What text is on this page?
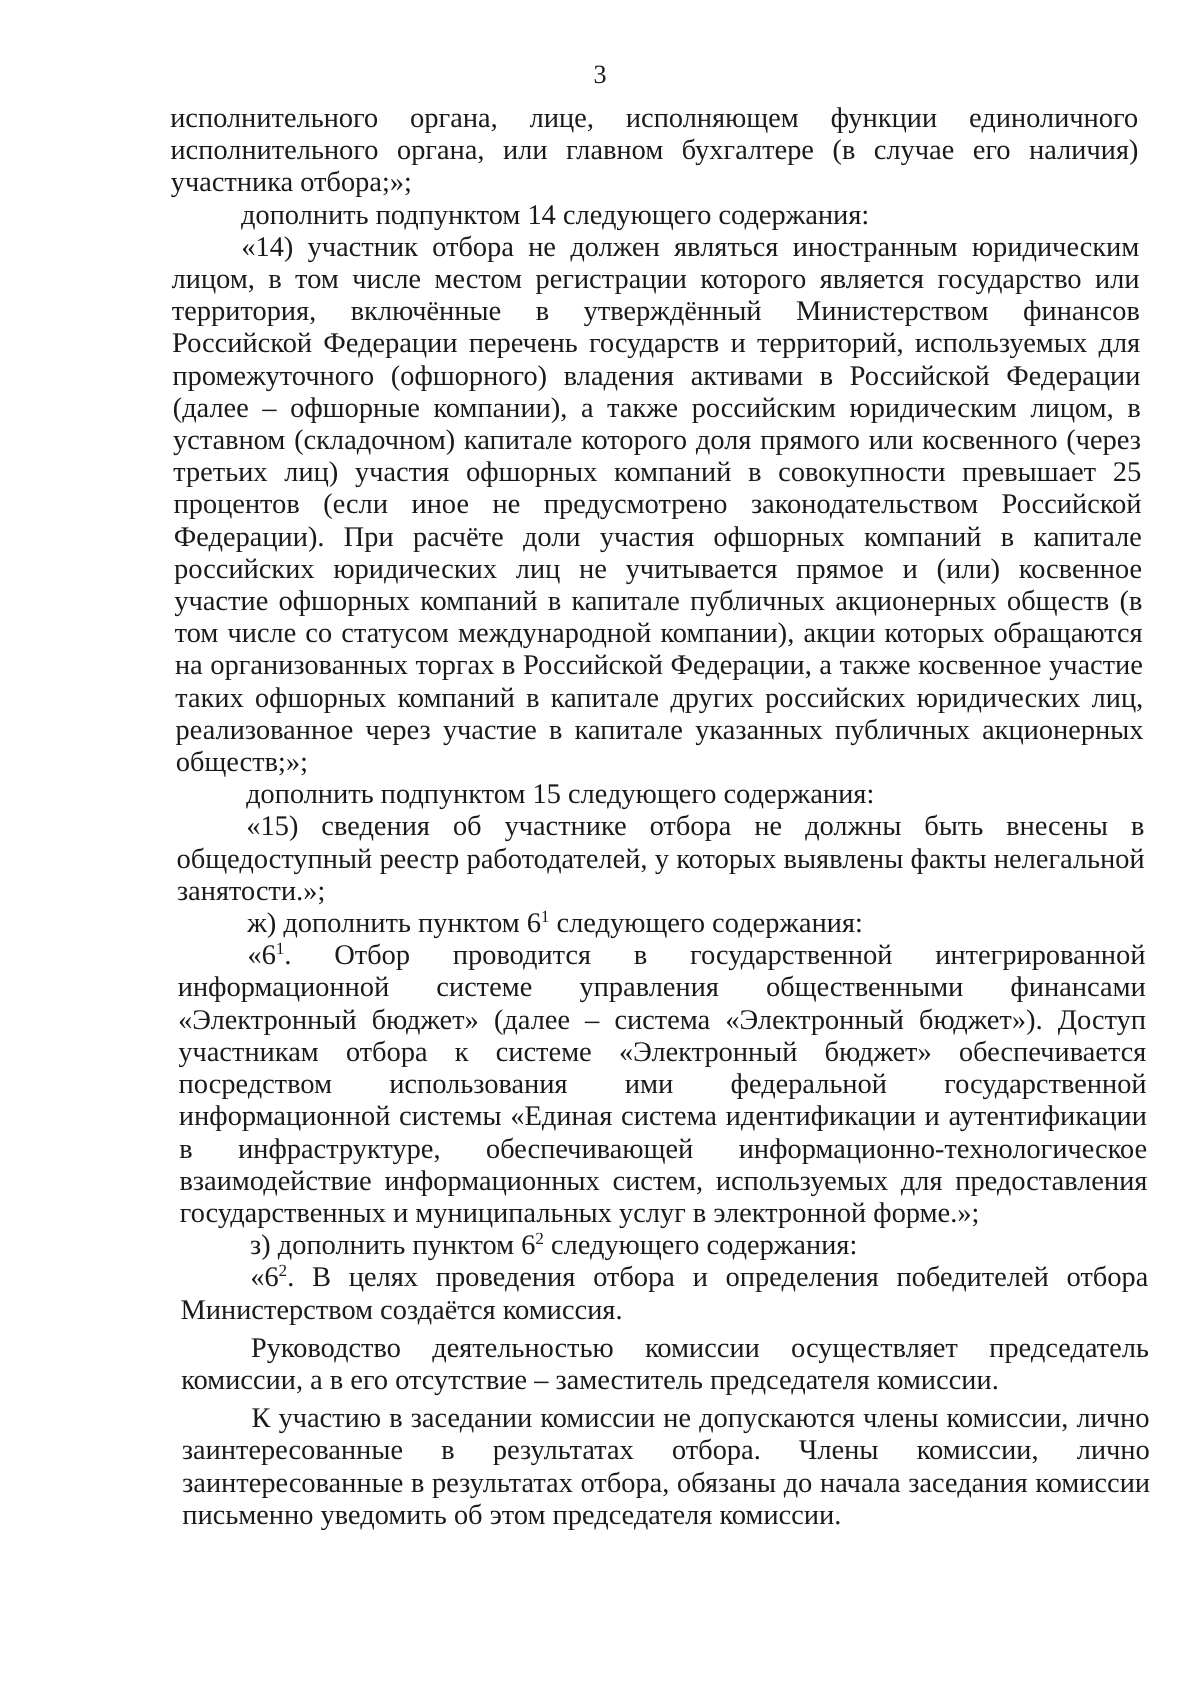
3

исполнительного органа, лице, исполняющем функции единоличного исполнительного органа, или главном бухгалтере (в случае его наличия) участника отбора;»;

дополнить подпунктом 14 следующего содержания:

«14) участник отбора не должен являться иностранным юридическим лицом, в том числе местом регистрации которого является государство или территория, включённые в утверждённый Министерством финансов Российской Федерации перечень государств и территорий, используемых для промежуточного (офшорного) владения активами в Российской Федерации (далее – офшорные компании), а также российским юридическим лицом, в уставном (складочном) капитале которого доля прямого или косвенного (через третьих лиц) участия офшорных компаний в совокупности превышает 25 процентов (если иное не предусмотрено законодательством Российской Федерации). При расчёте доли участия офшорных компаний в капитале российских юридических лиц не учитывается прямое и (или) косвенное участие офшорных компаний в капитале публичных акционерных обществ (в том числе со статусом международной компании), акции которых обращаются на организованных торгах в Российской Федерации, а также косвенное участие таких офшорных компаний в капитале других российских юридических лиц, реализованное через участие в капитале указанных публичных акционерных обществ;»;

дополнить подпунктом 15 следующего содержания:

«15) сведения об участнике отбора не должны быть внесены в общедоступный реестр работодателей, у которых выявлены факты нелегальной занятости.»;

ж) дополнить пунктом $6^1$ следующего содержания:

«$6^1$. Отбор проводится в государственной интегрированной информационной системе управления общественными финансами «Электронный бюджет» (далее – система «Электронный бюджет»). Доступ участникам отбора к системе «Электронный бюджет» обеспечивается посредством использования ими федеральной государственной информационной системы «Единая система идентификации и аутентификации в инфраструктуре, обеспечивающей информационно-технологическое взаимодействие информационных систем, используемых для предоставления государственных и муниципальных услуг в электронной форме.»;

з) дополнить пунктом $6^2$ следующего содержания:

«$6^2$. В целях проведения отбора и определения победителей отбора Министерством создаётся комиссия.

Руководство деятельностью комиссии осуществляет председатель комиссии, а в его отсутствие – заместитель председателя комиссии.

К участию в заседании комиссии не допускаются члены комиссии, лично заинтересованные в результатах отбора. Члены комиссии, лично заинтересованные в результатах отбора, обязаны до начала заседания комиссии письменно уведомить об этом председателя комиссии.
